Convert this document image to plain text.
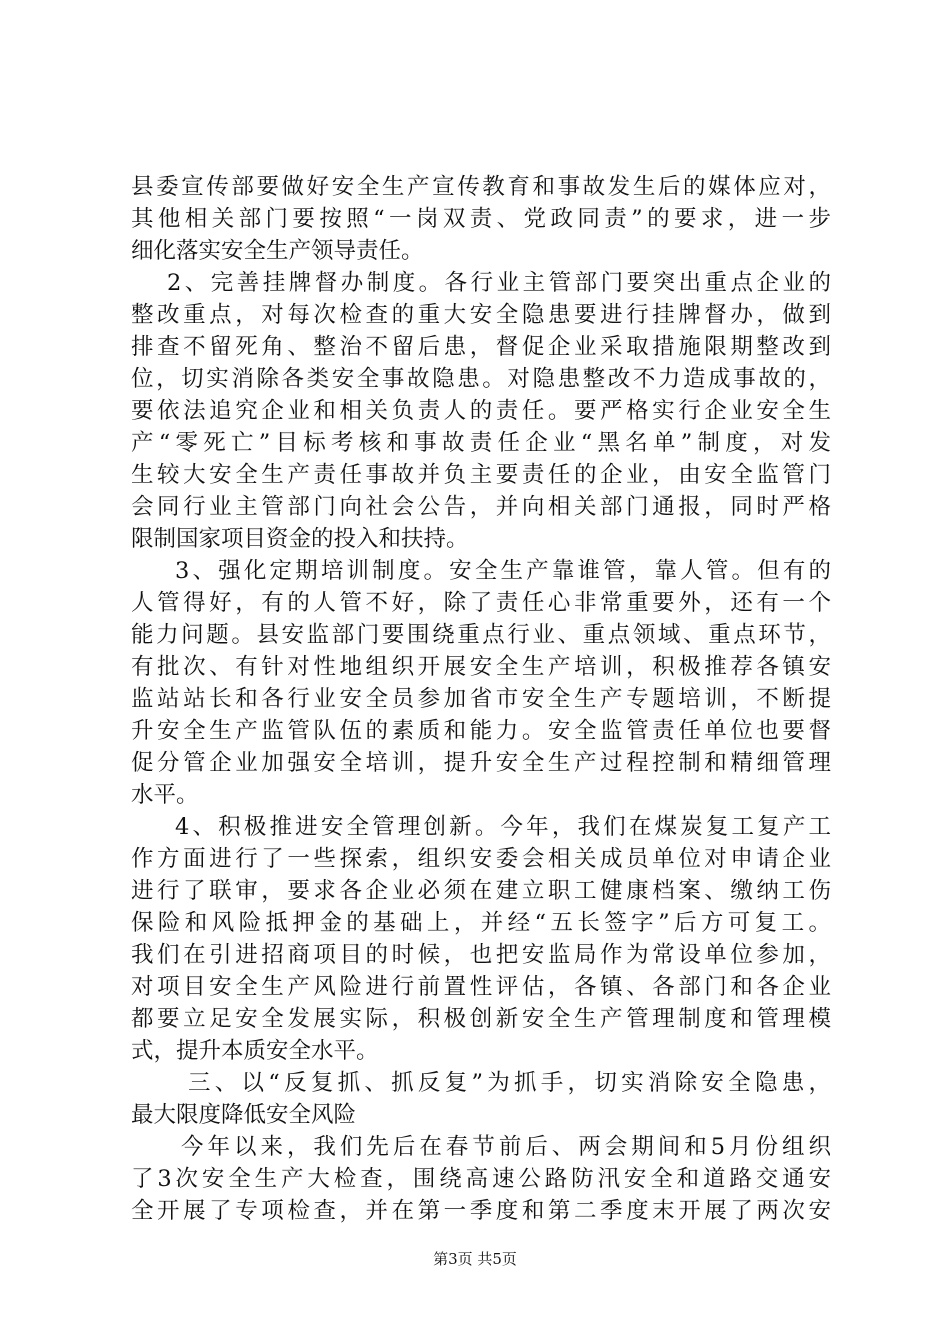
县委宣传部要做好安全生产宣传教育和事故发生后的媒体应对，
其他相关部门要按照“一岗双责、党政同责”的要求，进一步
细化落实安全生产领导责任。
2、完善挂牌督办制度。各行业主管部门要突出重点企业的
整改重点，对每次检查的重大安全隐患要进行挂牌督办，做到
排查不留死角、整治不留后患，督促企业采取措施限期整改到
位，切实消除各类安全事故隐患。对隐患整改不力造成事故的，
要依法追究企业和相关负责人的责任。要严格实行企业安全生
产“零死亡”目标考核和事故责任企业“黑名单”制度，对发
生较大安全生产责任事故并负主要责任的企业，由安全监管门
会同行业主管部门向社会公告，并向相关部门通报，同时严格
限制国家项目资金的投入和扶持。
3、强化定期培训制度。安全生产靠谁管，靠人管。但有的
人管得好，有的人管不好，除了责任心非常重要外，还有一个
能力问题。县安监部门要围绕重点行业、重点领域、重点环节，
有批次、有针对性地组织开展安全生产培训，积极推荐各镇安
监站站长和各行业安全员参加省市安全生产专题培训，不断提
升安全生产监管队伍的素质和能力。安全监管责任单位也要督
促分管企业加强安全培训，提升安全生产过程控制和精细管理
水平。
4、积极推进安全管理创新。今年，我们在煤炭复工复产工
作方面进行了一些探索，组织安委会相关成员单位对申请企业
进行了联审，要求各企业必须在建立职工健康档案、缴纳工伤
保险和风险抵押金的基础上，并经“五长签字”后方可复工。
我们在引进招商项目的时候，也把安监局作为常设单位参加，
对项目安全生产风险进行前置性评估，各镇、各部门和各企业
都要立足安全发展实际，积极创新安全生产管理制度和管理模
式，提升本质安全水平。
三、以“反复抓、抓反复”为抓手，切实消除安全隐患，
最大限度降低安全风险
今年以来，我们先后在春节前后、两会期间和5月份组织
了3次安全生产大检查，围绕高速公路防汛安全和道路交通安
全开展了专项检查，并在第一季度和第二季度末开展了两次安
第3页 共5页
